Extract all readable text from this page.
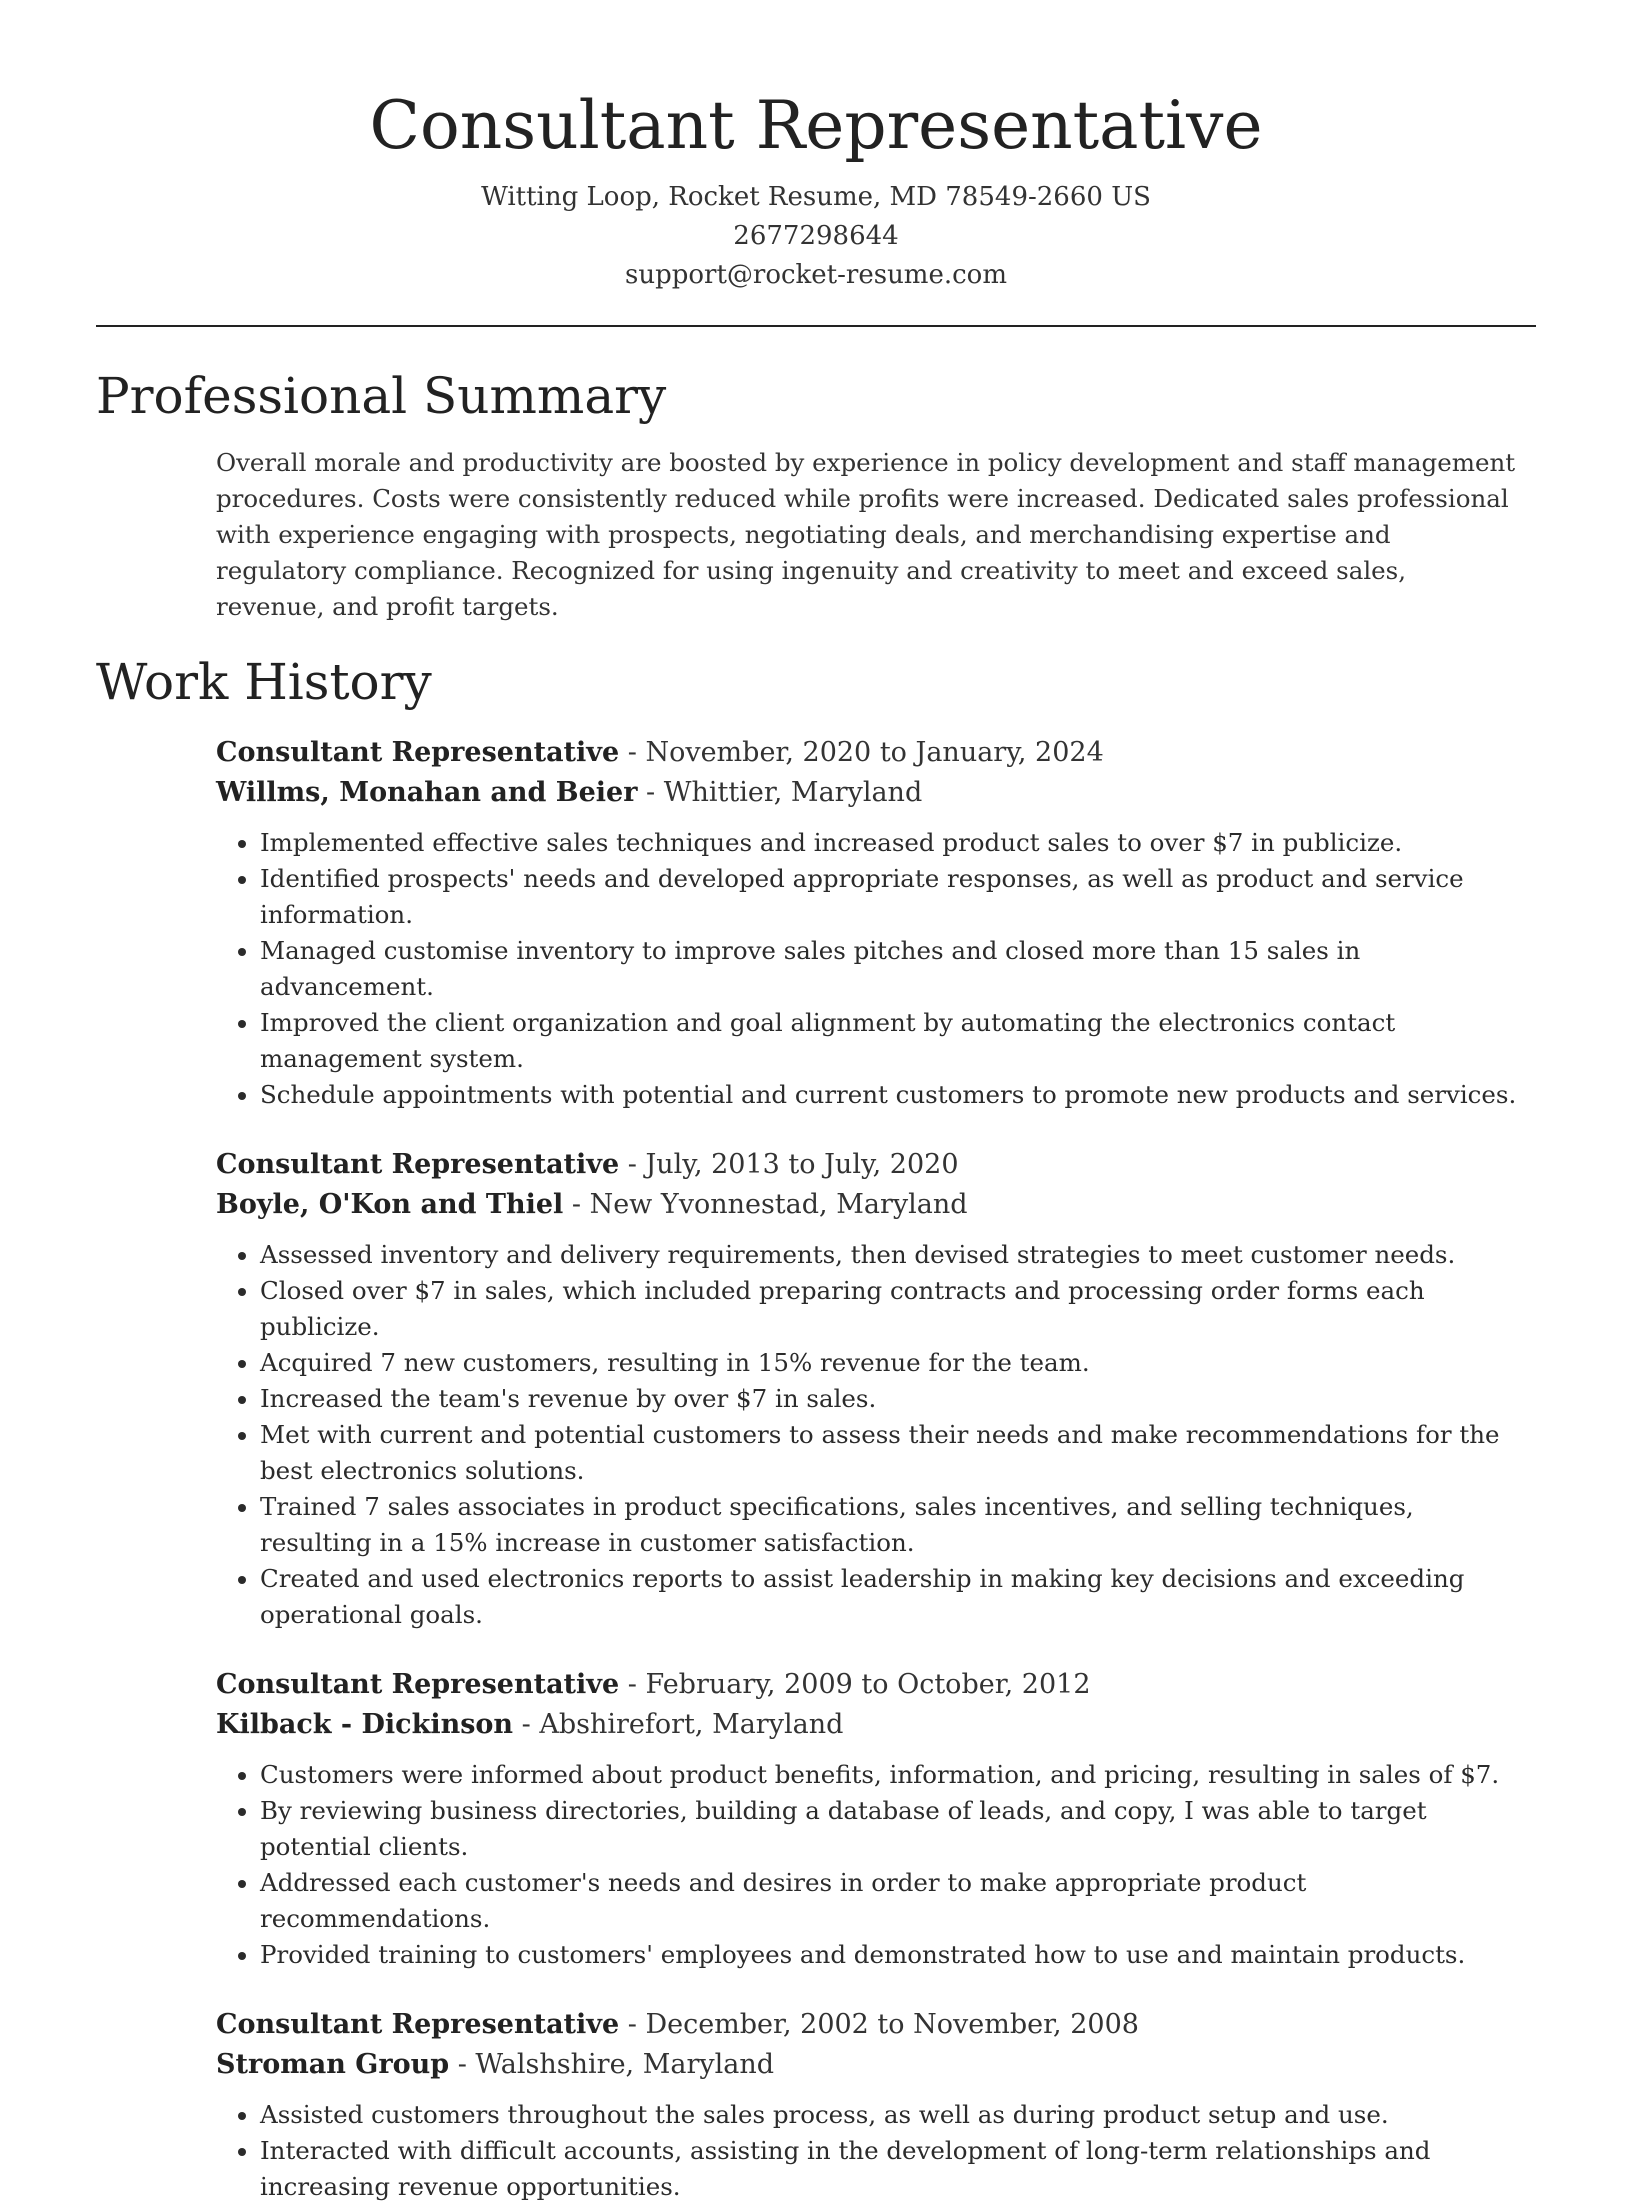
Consultant Representative
Witting Loop, Rocket Resume, MD 78549-2660 US
2677298644
support@rocket-resume.com
Professional Summary
Overall morale and productivity are boosted by experience in policy development and staff management procedures. Costs were consistently reduced while profits were increased. Dedicated sales professional with experience engaging with prospects, negotiating deals, and merchandising expertise and regulatory compliance. Recognized for using ingenuity and creativity to meet and exceed sales, revenue, and profit targets.
Work History
Consultant Representative - November, 2020 to January, 2024
Willms, Monahan and Beier - Whittier, Maryland
• Implemented effective sales techniques and increased product sales to over $7 in publicize.
• Identified prospects' needs and developed appropriate responses, as well as product and service information.
• Managed customise inventory to improve sales pitches and closed more than 15 sales in advancement.
• Improved the client organization and goal alignment by automating the electronics contact management system.
• Schedule appointments with potential and current customers to promote new products and services.
Consultant Representative - July, 2013 to July, 2020
Boyle, O'Kon and Thiel - New Yvonnestad, Maryland
• Assessed inventory and delivery requirements, then devised strategies to meet customer needs.
• Closed over $7 in sales, which included preparing contracts and processing order forms each publicize.
• Acquired 7 new customers, resulting in 15% revenue for the team.
• Increased the team's revenue by over $7 in sales.
• Met with current and potential customers to assess their needs and make recommendations for the best electronics solutions.
• Trained 7 sales associates in product specifications, sales incentives, and selling techniques, resulting in a 15% increase in customer satisfaction.
• Created and used electronics reports to assist leadership in making key decisions and exceeding operational goals.
Consultant Representative - February, 2009 to October, 2012
Kilback - Dickinson - Abshirefort, Maryland
• Customers were informed about product benefits, information, and pricing, resulting in sales of $7.
• By reviewing business directories, building a database of leads, and copy, I was able to target potential clients.
• Addressed each customer's needs and desires in order to make appropriate product recommendations.
• Provided training to customers' employees and demonstrated how to use and maintain products.
Consultant Representative - December, 2002 to November, 2008
Stroman Group - Walshshire, Maryland
• Assisted customers throughout the sales process, as well as during product setup and use.
• Interacted with difficult accounts, assisting in the development of long-term relationships and increasing revenue opportunities.
